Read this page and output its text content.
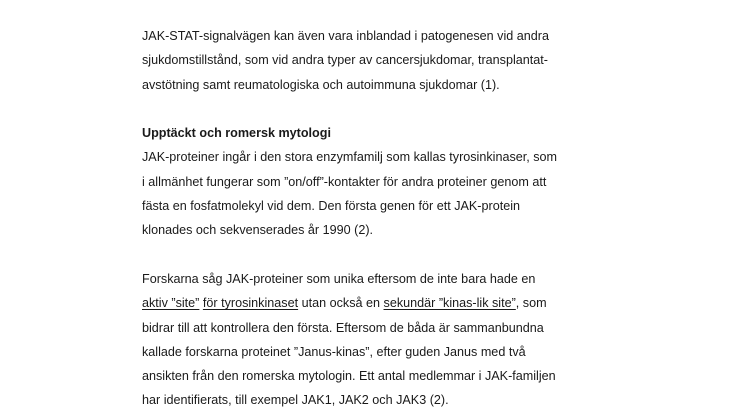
JAK-STAT-signalvägen kan även vara inblandad i patogenesen vid andra
sjukdomstillstånd, som vid andra typer av cancersjukdomar, transplantat-
avstötning samt reumatologiska och autoimmuna sjukdomar (1).
Upptäckt och romersk mytologi
JAK-proteiner ingår i den stora enzymfamilj som kallas tyrosinkinaser, som
i allmänhet fungerar som ”on/off”-kontakter för andra proteiner genom att
fästa en fosfatmolekyl vid dem. Den första genen för ett JAK-protein
klonades och sekvenserades år 1990 (2).
Forskarna såg JAK-proteiner som unika eftersom de inte bara hade en
aktiv ”site” för tyrosinkinaset utan också en sekundär ”kinas-lik site”, som
bidrar till att kontrollera den första. Eftersom de båda är sammanbundna
kallade forskarna proteinet ”Janus-kinas”, efter guden Janus med två
ansikten från den romerska mytologin. Ett antal medlemmar i JAK-familjen
har identifierats, till exempel JAK1, JAK2 och JAK3 (2).
